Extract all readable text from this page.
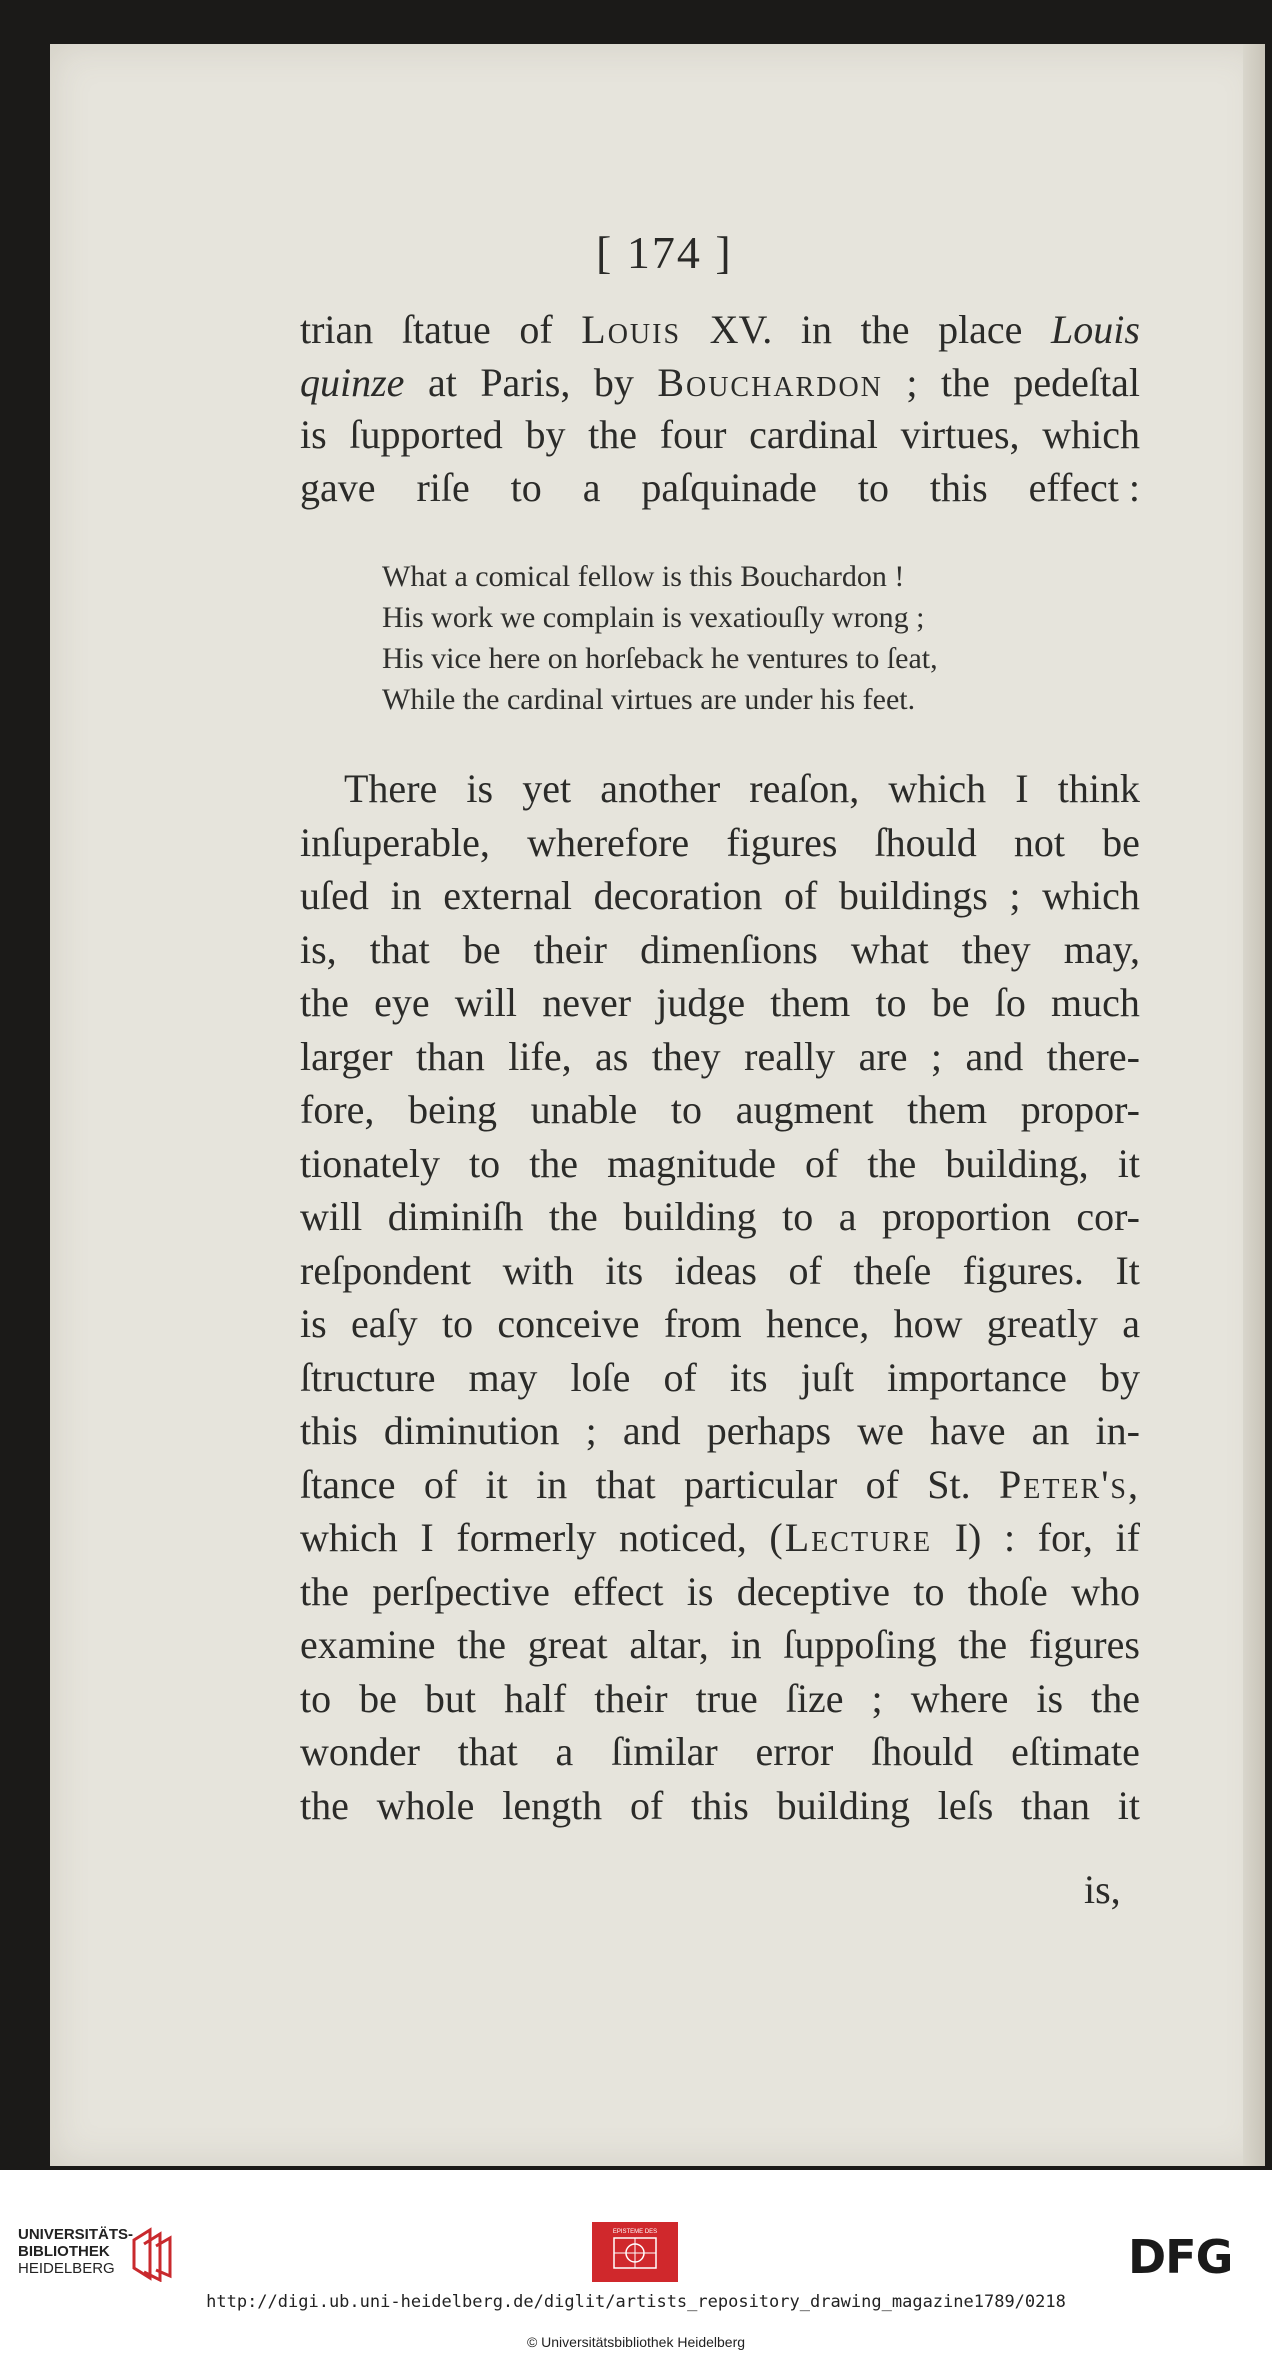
[ 174 ]
trian ſtatue of Louis XV. in the place Louis
quinze at Paris, by Bouchardon ; the pedeſtal
is ſupported by the four cardinal virtues, which
gave riſe to a paſquinade to this effect :
What a comical fellow is this Bouchardon !
His work we complain is vexatiouſly wrong ;
His vice here on horſeback he ventures to ſeat,
While the cardinal virtues are under his feet.
There is yet another reaſon, which I think
inſuperable, wherefore figures ſhould not be
uſed in external decoration of buildings ; which
is, that be their dimenſions what they may,
the eye will never judge them to be ſo much
larger than life, as they really are ; and there-
fore, being unable to augment them propor-
tionately to the magnitude of the building, it
will diminiſh the building to a proportion cor-
reſpondent with its ideas of theſe figures. It
is eaſy to conceive from hence, how greatly a
ſtructure may loſe of its juſt importance by
this diminution ; and perhaps we have an in-
ſtance of it in that particular of St. Peter's,
which I formerly noticed, (Lecture I) : for, if
the perſpective effect is deceptive to thoſe who
examine the great altar, in ſuppoſing the figures
to be but half their true ſize ; where is the
wonder that a ſimilar error ſhould eſtimate
the whole length of this building leſs than it
is,
UNIVERSITÄTS-
BIBLIOTHEK
HEIDELBERG
EPISTEME DES	DFG
http://digi.ub.uni-heidelberg.de/diglit/artists_repository_drawing_magazine1789/0218
© Universitätsbibliothek Heidelberg
